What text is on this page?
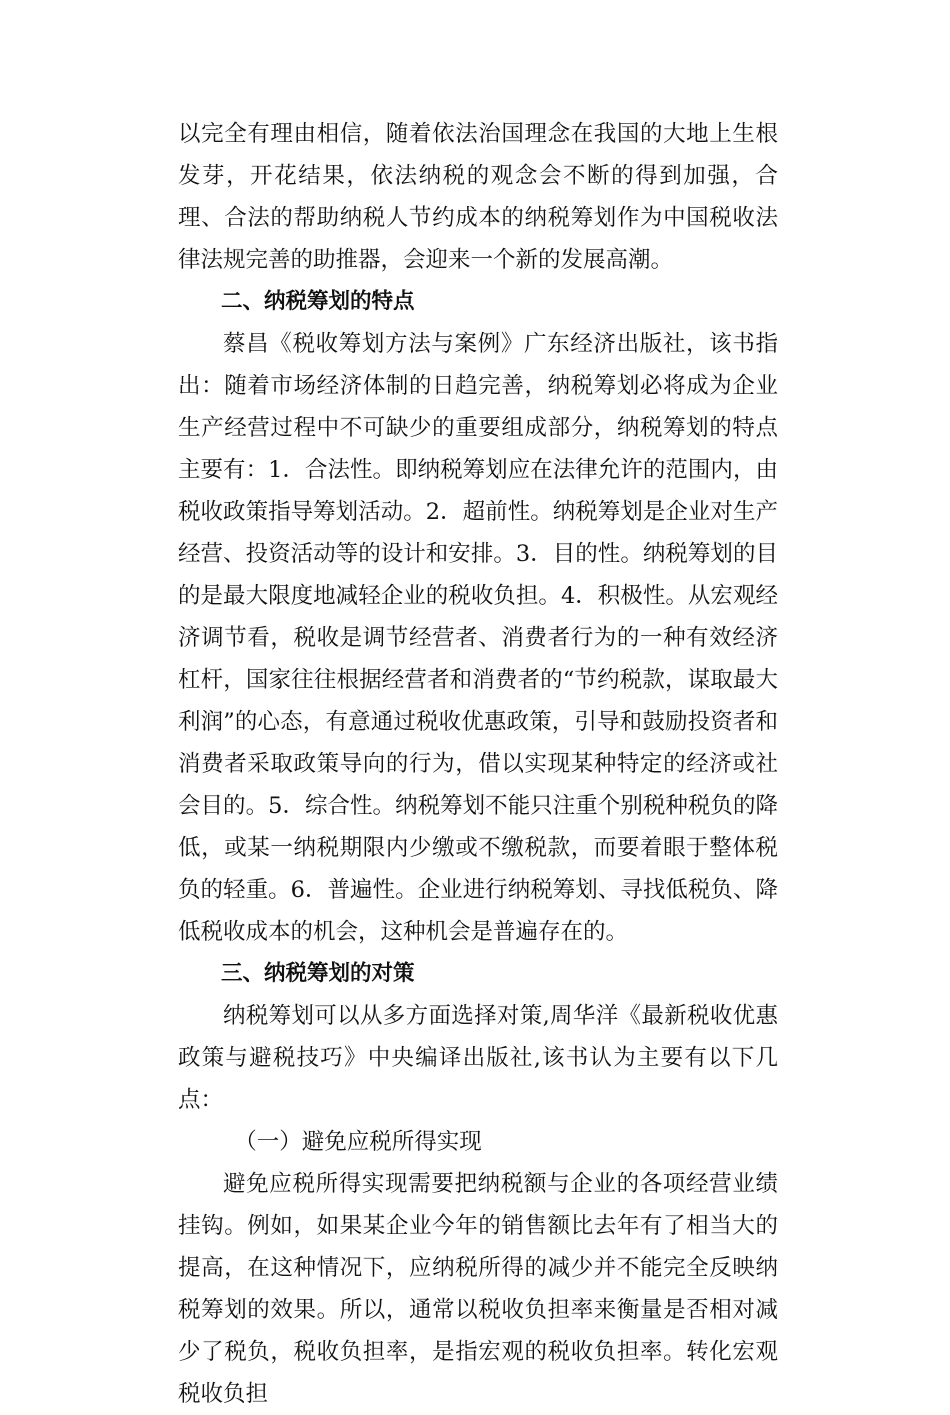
以完全有理由相信，随着依法治国理念在我国的大地上生根发芽，开花结果，依法纳税的观念会不断的得到加强，合理、合法的帮助纳税人节约成本的纳税筹划作为中国税收法律法规完善的助推器，会迎来一个新的发展高潮。

二、纳税筹划的特点

蔡昌《税收筹划方法与案例》广东经济出版社，该书指出：随着市场经济体制的日趋完善，纳税筹划必将成为企业生产经营过程中不可缺少的重要组成部分，纳税筹划的特点主要有：1．合法性。即纳税筹划应在法律允许的范围内，由税收政策指导筹划活动。2．超前性。纳税筹划是企业对生产经营、投资活动等的设计和安排。3．目的性。纳税筹划的目的是最大限度地减轻企业的税收负担。4．积极性。从宏观经济调节看，税收是调节经营者、消费者行为的一种有效经济杠杆，国家往往根据经营者和消费者的“节约税款，谋取最大利润”的心态，有意通过税收优惠政策，引导和鼓励投资者和消费者采取政策导向的行为，借以实现某种特定的经济或社会目的。5．综合性。纳税筹划不能只注重个别税种税负的降低，或某一纳税期限内少缴或不缴税款，而要着眼于整体税负的轻重。6．普遍性。企业进行纳税筹划、寻找低税负、降低税收成本的机会，这种机会是普遍存在的。

三、纳税筹划的对策

纳税筹划可以从多方面选择对策,周华洋《最新税收优惠政策与避税技巧》中央编译出版社,该书认为主要有以下几点：

（一）避免应税所得实现

避免应税所得实现需要把纳税额与企业的各项经营业绩挂钩。例如，如果某企业今年的销售额比去年有了相当大的提高，在这种情况下，应纳税所得的减少并不能完全反映纳税筹划的效果。所以，通常以税收负担率来衡量是否相对减少了税负，税收负担率，是指宏观的税收负担率。转化宏观税收负担
